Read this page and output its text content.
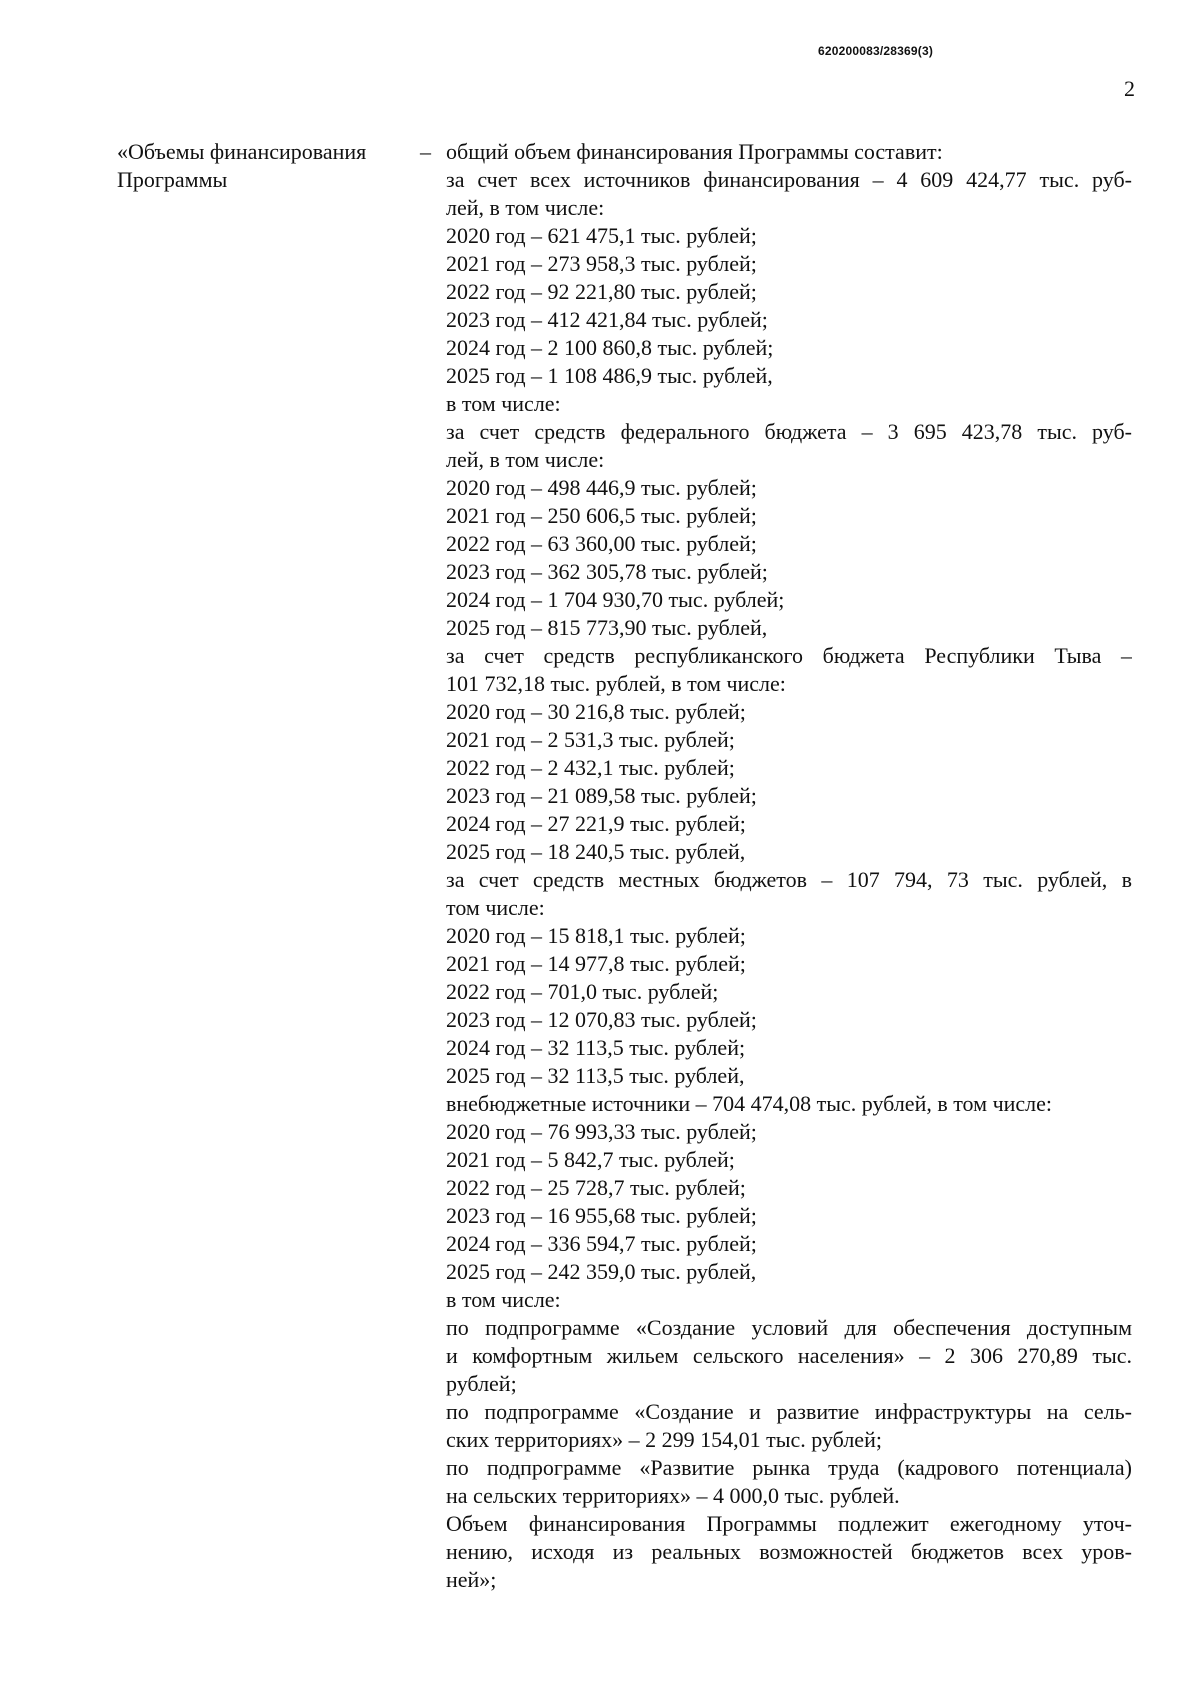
620200083/28369(3)
2
«Объемы финансирования
Программы
– общий объем финансирования Программы составит:
за счет всех источников финансирования – 4 609 424,77 тыс. руб-
лей, в том числе:
2020 год – 621 475,1 тыс. рублей;
2021 год – 273 958,3 тыс. рублей;
2022 год – 92 221,80 тыс. рублей;
2023 год – 412 421,84 тыс. рублей;
2024 год – 2 100 860,8 тыс. рублей;
2025 год – 1 108 486,9 тыс. рублей,
в том числе:
за счет средств федерального бюджета – 3 695 423,78 тыс. руб-
лей, в том числе:
2020 год – 498 446,9 тыс. рублей;
2021 год – 250 606,5 тыс. рублей;
2022 год – 63 360,00 тыс. рублей;
2023 год – 362 305,78 тыс. рублей;
2024 год – 1 704 930,70 тыс. рублей;
2025 год – 815 773,90 тыс. рублей,
за счет средств республиканского бюджета Республики Тыва –
101 732,18 тыс. рублей, в том числе:
2020 год – 30 216,8 тыс. рублей;
2021 год – 2 531,3 тыс. рублей;
2022 год – 2 432,1 тыс. рублей;
2023 год – 21 089,58 тыс. рублей;
2024 год – 27 221,9 тыс. рублей;
2025 год – 18 240,5 тыс. рублей,
за счет средств местных бюджетов – 107 794, 73 тыс. рублей, в
том числе:
2020 год – 15 818,1 тыс. рублей;
2021 год – 14 977,8 тыс. рублей;
2022 год – 701,0 тыс. рублей;
2023 год – 12 070,83 тыс. рублей;
2024 год – 32 113,5 тыс. рублей;
2025 год – 32 113,5 тыс. рублей,
внебюджетные источники – 704 474,08 тыс. рублей, в том числе:
2020 год – 76 993,33 тыс. рублей;
2021 год – 5 842,7 тыс. рублей;
2022 год – 25 728,7 тыс. рублей;
2023 год – 16 955,68 тыс. рублей;
2024 год – 336 594,7 тыс. рублей;
2025 год – 242 359,0 тыс. рублей,
в том числе:
по подпрограмме «Создание условий для обеспечения доступным
и комфортным жильем сельского населения» – 2 306 270,89 тыс.
рублей;
по подпрограмме «Создание и развитие инфраструктуры на сель-
ских территориях» – 2 299 154,01 тыс. рублей;
по подпрограмме «Развитие рынка труда (кадрового потенциала)
на сельских территориях» – 4 000,0 тыс. рублей.
Объем финансирования Программы подлежит ежегодному уточ-
нению, исходя из реальных возможностей бюджетов всех уров-
ней»;
